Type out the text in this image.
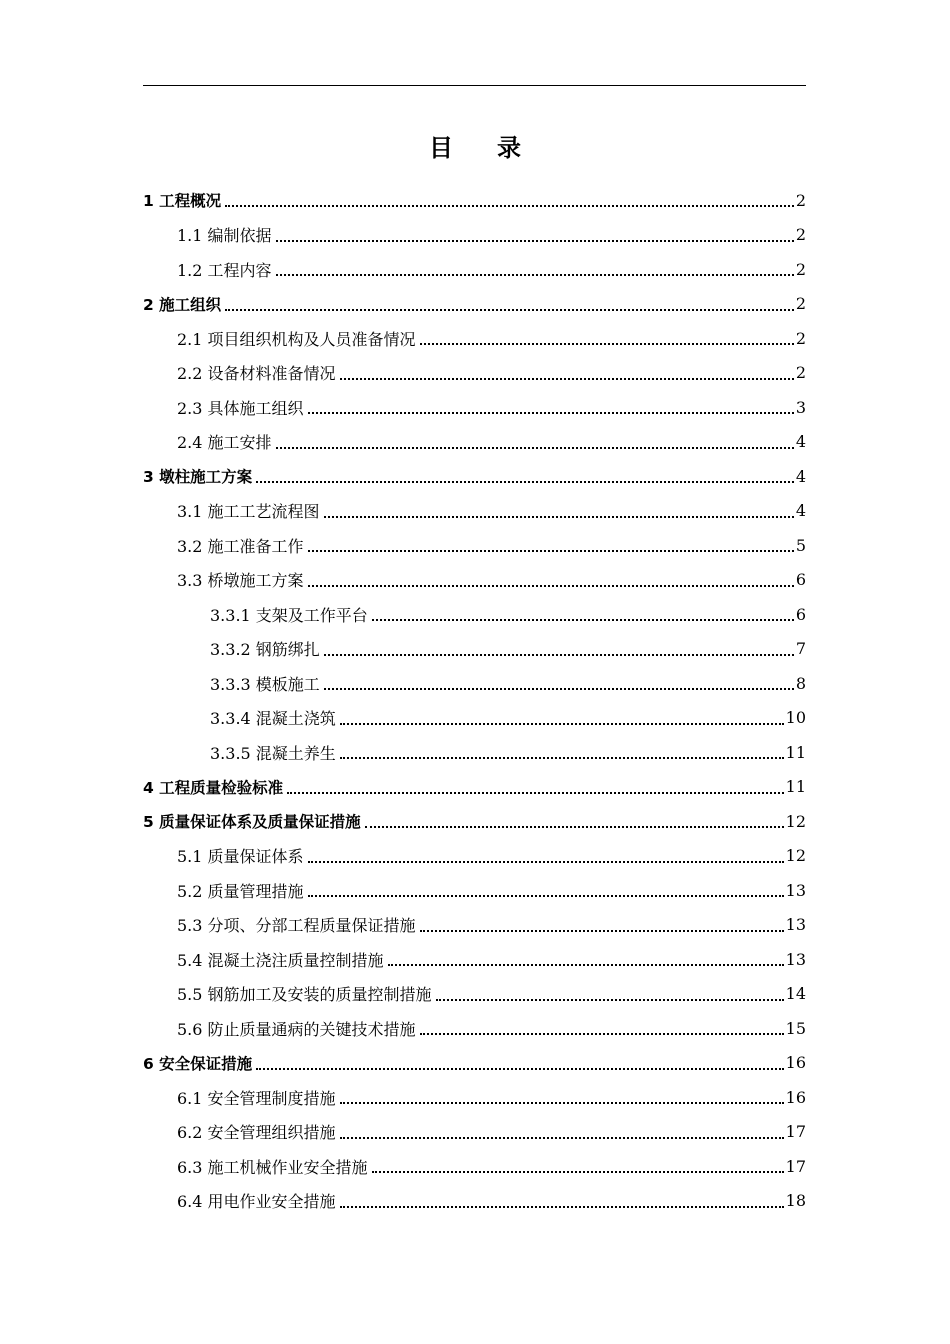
目录
1 工程概况	2
1.1 编制依据	2
1.2 工程内容	2
2 施工组织	2
2.1 项目组织机构及人员准备情况	2
2.2 设备材料准备情况	2
2.3 具体施工组织	3
2.4 施工安排	4
3 墩柱施工方案	4
3.1 施工工艺流程图	4
3.2 施工准备工作	5
3.3 桥墩施工方案	6
3.3.1 支架及工作平台	6
3.3.2 钢筋绑扎	7
3.3.3 模板施工	8
3.3.4 混凝土浇筑	10
3.3.5 混凝土养生	11
4 工程质量检验标准	11
5 质量保证体系及质量保证措施	12
5.1 质量保证体系	12
5.2 质量管理措施	13
5.3 分项、分部工程质量保证措施	13
5.4 混凝土浇注质量控制措施	13
5.5 钢筋加工及安装的质量控制措施	14
5.6 防止质量通病的关键技术措施	15
6 安全保证措施	16
6.1 安全管理制度措施	16
6.2 安全管理组织措施	17
6.3 施工机械作业安全措施	17
6.4 用电作业安全措施	18
